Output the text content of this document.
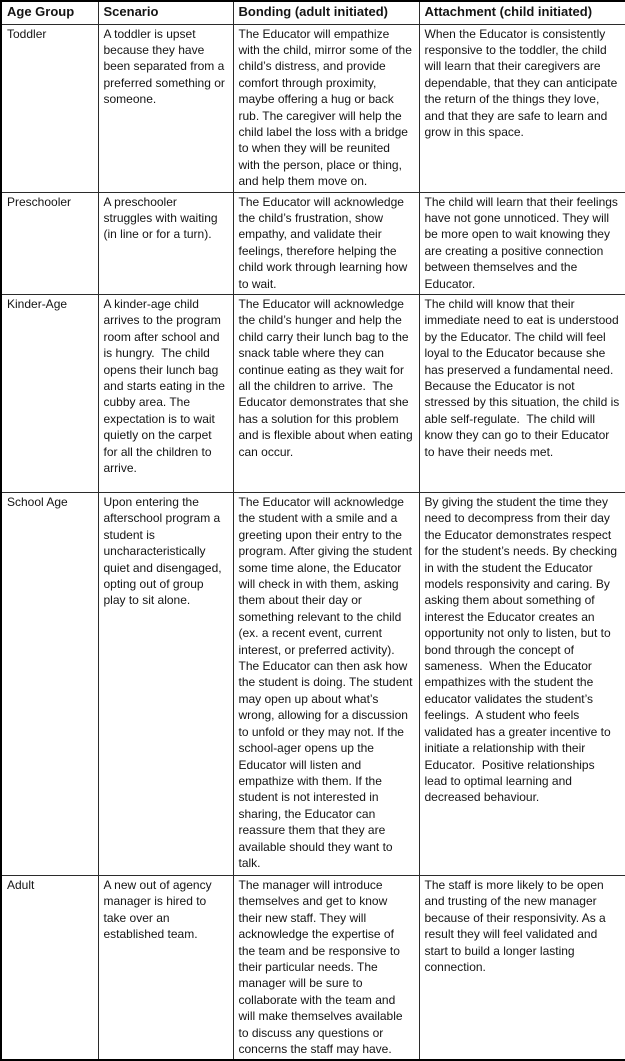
Age Group	Scenario	Bonding (adult initiated)	Attachment (child initiated)
Toddler	A toddler is upset because they have been separated from a preferred something or someone.	The Educator will empathize with the child, mirror some of the child’s distress, and provide comfort through proximity, maybe offering a hug or back rub. The caregiver will help the child label the loss with a bridge to when they will be reunited with the person, place or thing, and help them move on.	When the Educator is consistently responsive to the toddler, the child will learn that their caregivers are dependable, that they can anticipate the return of the things they love, and that they are safe to learn and grow in this space.
Preschooler	A preschooler struggles with waiting (in line or for a turn).	The Educator will acknowledge the child’s frustration, show empathy, and validate their feelings, therefore helping the child work through learning how to wait.	The child will learn that their feelings have not gone unnoticed. They will be more open to wait knowing they are creating a positive connection between themselves and the Educator.
Kinder-Age	A kinder-age child arrives to the program room after school and is hungry.  The child opens their lunch bag and starts eating in the cubby area. The expectation is to wait quietly on the carpet for all the children to arrive.	The Educator will acknowledge the child’s hunger and help the child carry their lunch bag to the snack table where they can continue eating as they wait for all the children to arrive.  The Educator demonstrates that she has a solution for this problem and is flexible about when eating can occur.	The child will know that their immediate need to eat is understood by the Educator. The child will feel loyal to the Educator because she has preserved a fundamental need. Because the Educator is not stressed by this situation, the child is able self-regulate.  The child will know they can go to their Educator to have their needs met.
School Age	Upon entering the afterschool program a student is uncharacteristically quiet and disengaged, opting out of group play to sit alone.	The Educator will acknowledge the student with a smile and a greeting upon their entry to the program. After giving the student some time alone, the Educator will check in with them, asking them about their day or something relevant to the child (ex. a recent event, current interest, or preferred activity). The Educator can then ask how the student is doing. The student may open up about what’s wrong, allowing for a discussion to unfold or they may not. If the school-ager opens up the Educator will listen and empathize with them. If the student is not interested in sharing, the Educator can reassure them that they are available should they want to talk.	By giving the student the time they need to decompress from their day the Educator demonstrates respect for the student’s needs. By checking in with the student the Educator models responsivity and caring. By asking them about something of interest the Educator creates an opportunity not only to listen, but to bond through the concept of sameness.  When the Educator empathizes with the student the educator validates the student’s feelings.  A student who feels validated has a greater incentive to initiate a relationship with their Educator.  Positive relationships lead to optimal learning and decreased behaviour.
Adult	A new out of agency manager is hired to take over an established team.	The manager will introduce themselves and get to know their new staff. They will acknowledge the expertise of the team and be responsive to their particular needs. The manager will be sure to collaborate with the team and will make themselves available to discuss any questions or concerns the staff may have.	The staff is more likely to be open and trusting of the new manager because of their responsivity. As a result they will feel validated and start to build a longer lasting connection.
